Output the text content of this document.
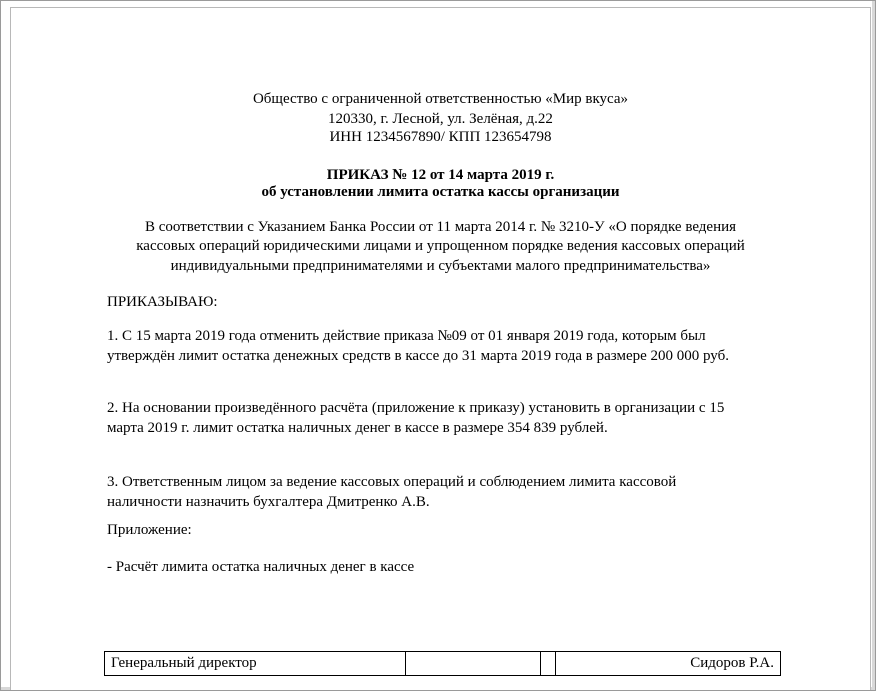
Общество с ограниченной ответственностью «Мир вкуса»
120330, г. Лесной, ул. Зелёная, д.22
ИНН 1234567890/ КПП 123654798
ПРИКАЗ № 12 от 14 марта 2019 г.
об установлении лимита остатка кассы организации
В соответствии с Указанием Банка России от 11 марта 2014 г. № 3210-У «О порядке ведения
кассовых операций юридическими лицами и упрощенном порядке ведения кассовых операций
индивидуальными предпринимателями и субъектами малого предпринимательства»
ПРИКАЗЫВАЮ:
1. С 15 марта 2019 года отменить действие приказа №09 от 01 января 2019 года, которым был
утверждён лимит остатка денежных средств в кассе до 31 марта 2019 года в размере 200 000 руб.
2. На основании произведённого расчёта (приложение к приказу) установить в организации с 15
марта 2019 г. лимит остатка наличных денег в кассе в размере 354 839 рублей.
3. Ответственным лицом за ведение кассовых операций и соблюдением лимита кассовой
наличности назначить бухгалтера Дмитренко А.В.
Приложение:
- Расчёт лимита остатка наличных денег в кассе
Генеральный директор			Сидоров Р.А.
